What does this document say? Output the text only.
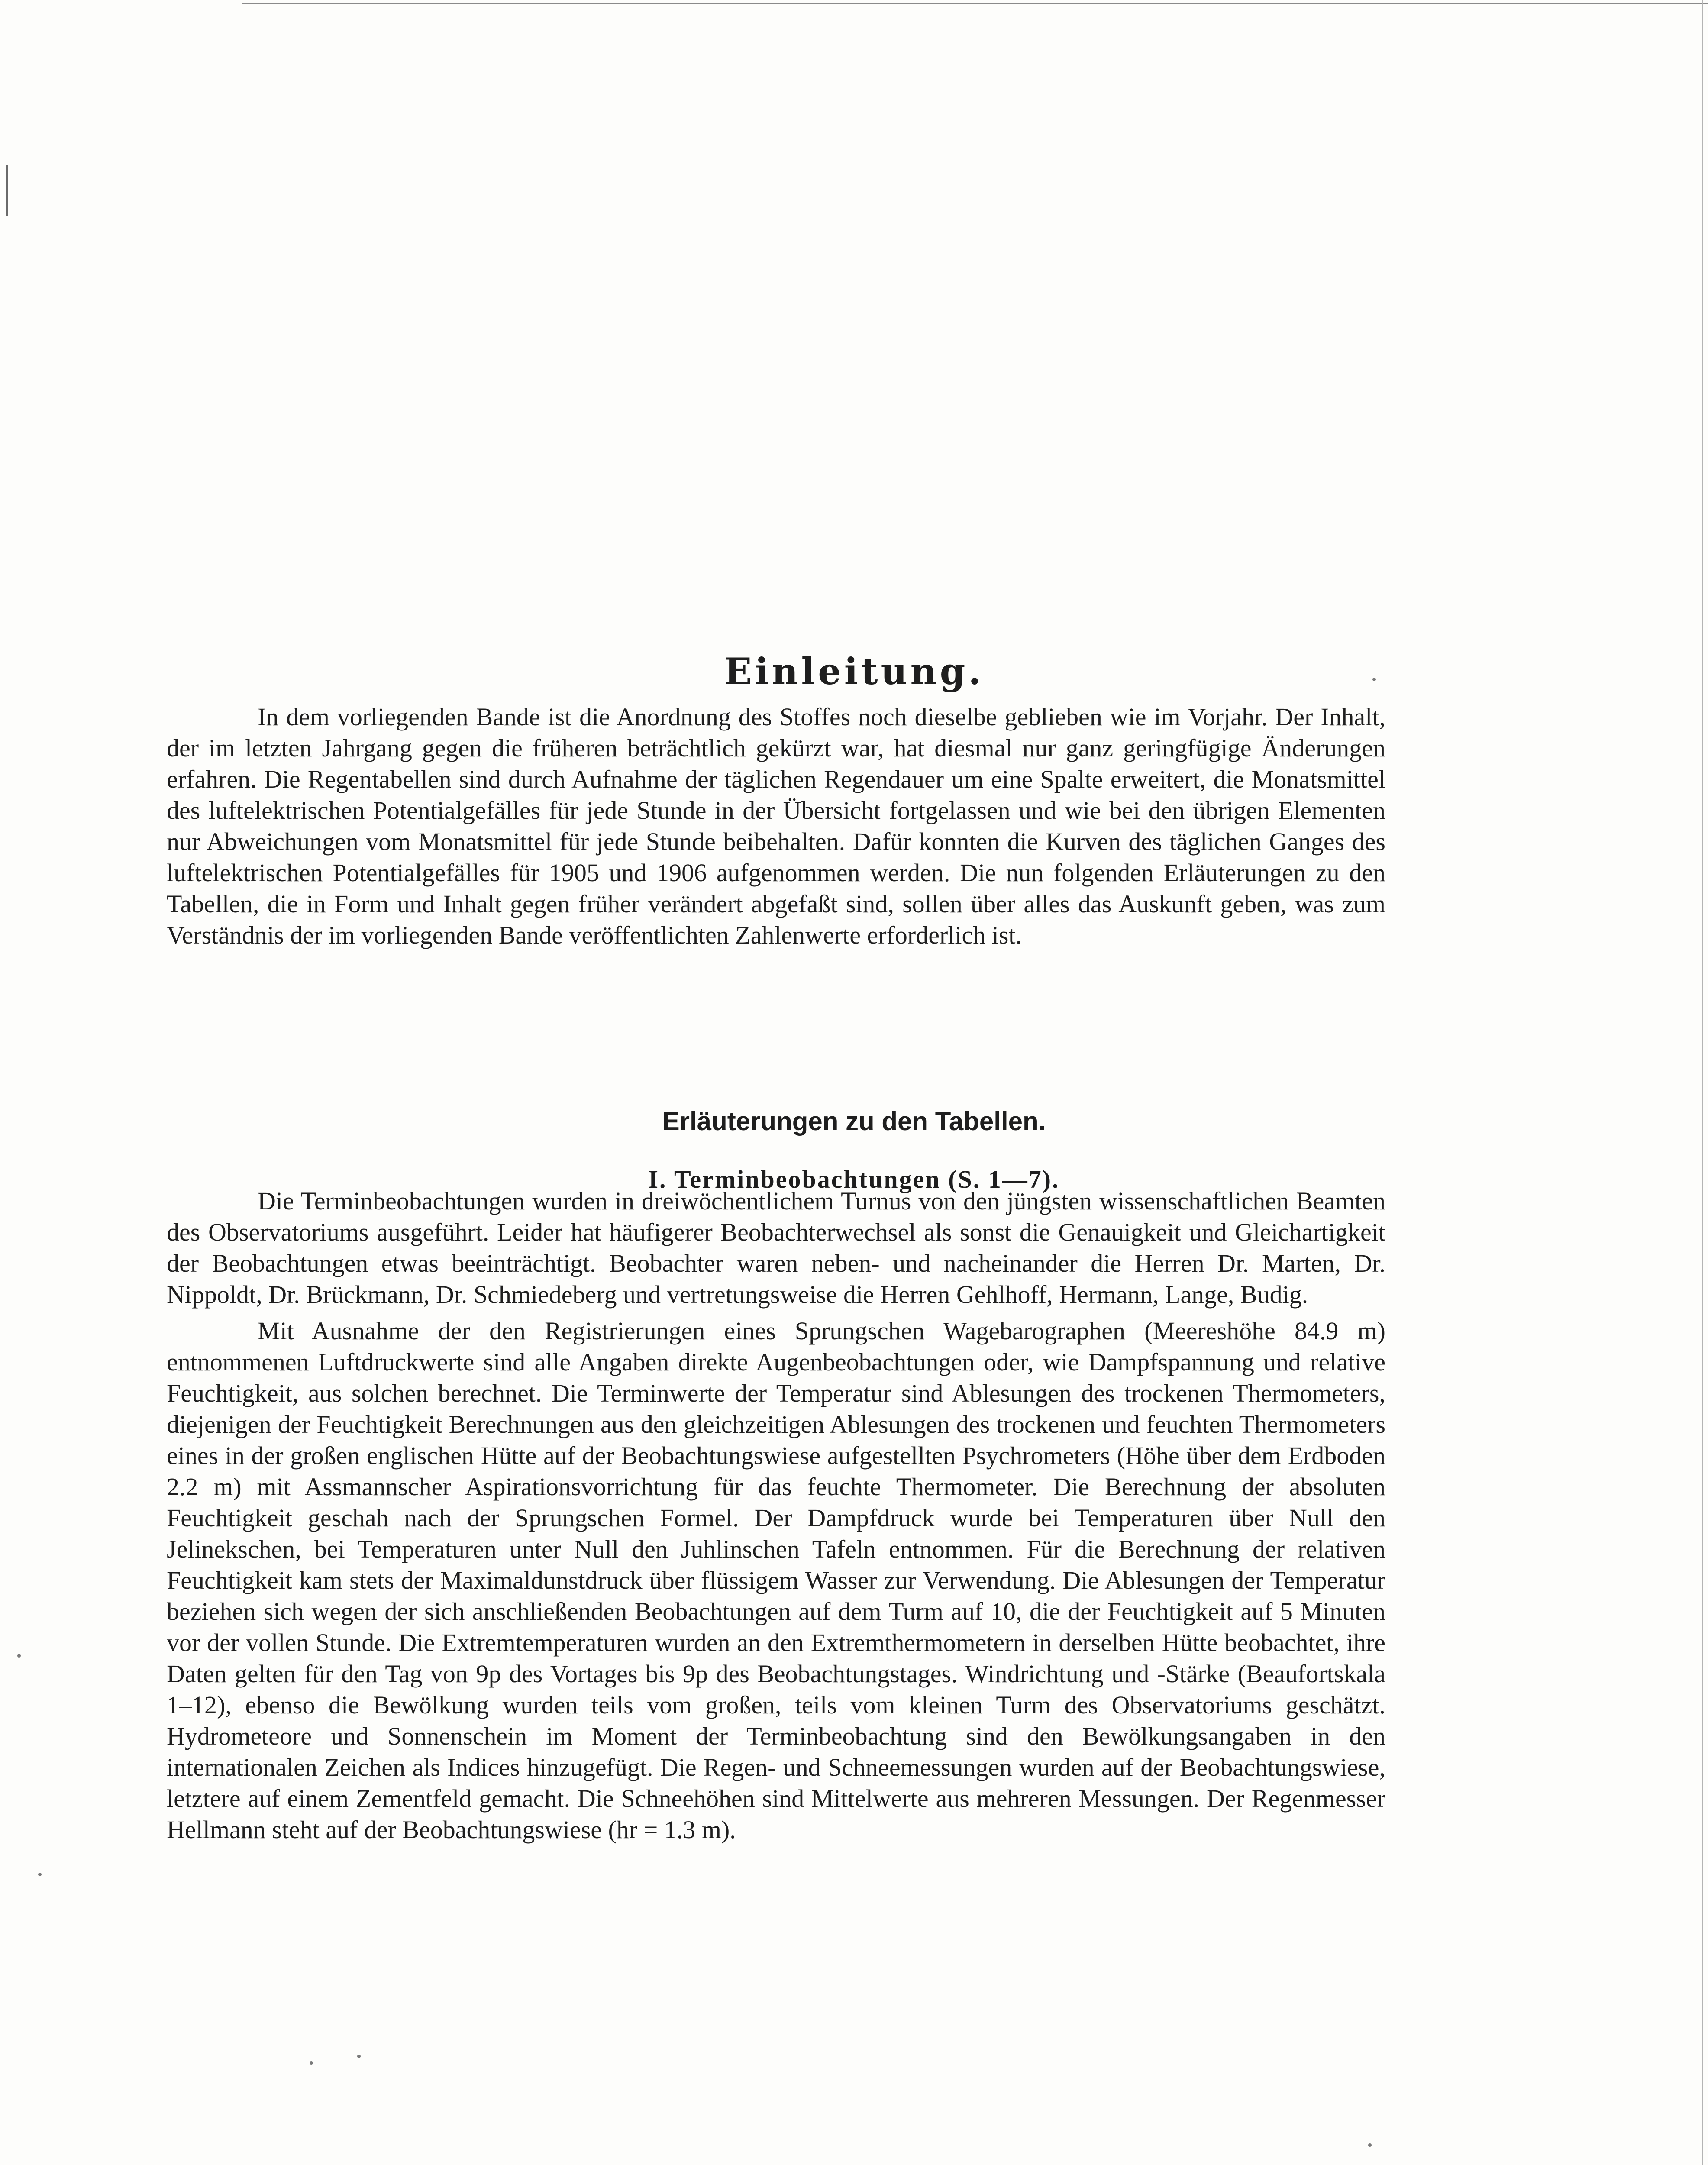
Einleitung.

In dem vorliegenden Bande ist die Anordnung des Stoffes noch dieselbe geblieben wie im Vorjahr. Der Inhalt, der im letzten Jahrgang gegen die früheren beträchtlich gekürzt war, hat diesmal nur ganz geringfügige Änderungen erfahren. Die Regentabellen sind durch Aufnahme der täglichen Regendauer um eine Spalte erweitert, die Monatsmittel des luftelektrischen Potentialgefälles für jede Stunde in der Übersicht fortgelassen und wie bei den übrigen Elementen nur Abweichungen vom Monatsmittel für jede Stunde beibehalten. Dafür konnten die Kurven des täglichen Ganges des luftelektrischen Potentialgefälles für 1905 und 1906 aufgenommen werden. Die nun folgenden Erläuterungen zu den Tabellen, die in Form und Inhalt gegen früher verändert abgefaßt sind, sollen über alles das Auskunft geben, was zum Verständnis der im vorliegenden Bande veröffentlichten Zahlenwerte erforderlich ist.

Erläuterungen zu den Tabellen.
I. Terminbeobachtungen (S. 1—7).

Die Terminbeobachtungen wurden in dreiwöchentlichem Turnus von den jüngsten wissenschaftlichen Beamten des Observatoriums ausgeführt. Leider hat häufigerer Beobachterwechsel als sonst die Genauigkeit und Gleichartigkeit der Beobachtungen etwas beeinträchtigt. Beobachter waren neben- und nacheinander die Herren Dr. Marten, Dr. Nippoldt, Dr. Brückmann, Dr. Schmiedeberg und vertretungsweise die Herren Gehlhoff, Hermann, Lange, Budig.

Mit Ausnahme der den Registrierungen eines Sprungschen Wagebarographen (Meereshöhe 84.9 m) entnommenen Luftdruckwerte sind alle Angaben direkte Augenbeobachtungen oder, wie Dampfspannung und relative Feuchtigkeit, aus solchen berechnet. Die Terminwerte der Temperatur sind Ablesungen des trockenen Thermometers, diejenigen der Feuchtigkeit Berechnungen aus den gleichzeitigen Ablesungen des trockenen und feuchten Thermometers eines in der großen englischen Hütte auf der Beobachtungswiese aufgestellten Psychrometers (Höhe über dem Erdboden 2.2 m) mit Assmannscher Aspirationsvorrichtung für das feuchte Thermometer. Die Berechnung der absoluten Feuchtigkeit geschah nach der Sprungschen Formel. Der Dampfdruck wurde bei Temperaturen über Null den Jelinekschen, bei Temperaturen unter Null den Juhlinschen Tafeln entnommen. Für die Berechnung der relativen Feuchtigkeit kam stets der Maximaldunstdruck über flüssigem Wasser zur Verwendung. Die Ablesungen der Temperatur beziehen sich wegen der sich anschließenden Beobachtungen auf dem Turm auf 10, die der Feuchtigkeit auf 5 Minuten vor der vollen Stunde. Die Extremtemperaturen wurden an den Extremthermometern in derselben Hütte beobachtet, ihre Daten gelten für den Tag von 9p des Vortages bis 9p des Beobachtungstages. Windrichtung und -Stärke (Beaufortskala 1–12), ebenso die Bewölkung wurden teils vom großen, teils vom kleinen Turm des Observatoriums geschätzt. Hydrometeore und Sonnenschein im Moment der Terminbeobachtung sind den Bewölkungsangaben in den internationalen Zeichen als Indices hinzugefügt. Die Regen- und Schneemessungen wurden auf der Beobachtungswiese, letztere auf einem Zementfeld gemacht. Die Schneehöhen sind Mittelwerte aus mehreren Messungen. Der Regenmesser Hellmann steht auf der Beobachtungswiese (hr = 1.3 m).
